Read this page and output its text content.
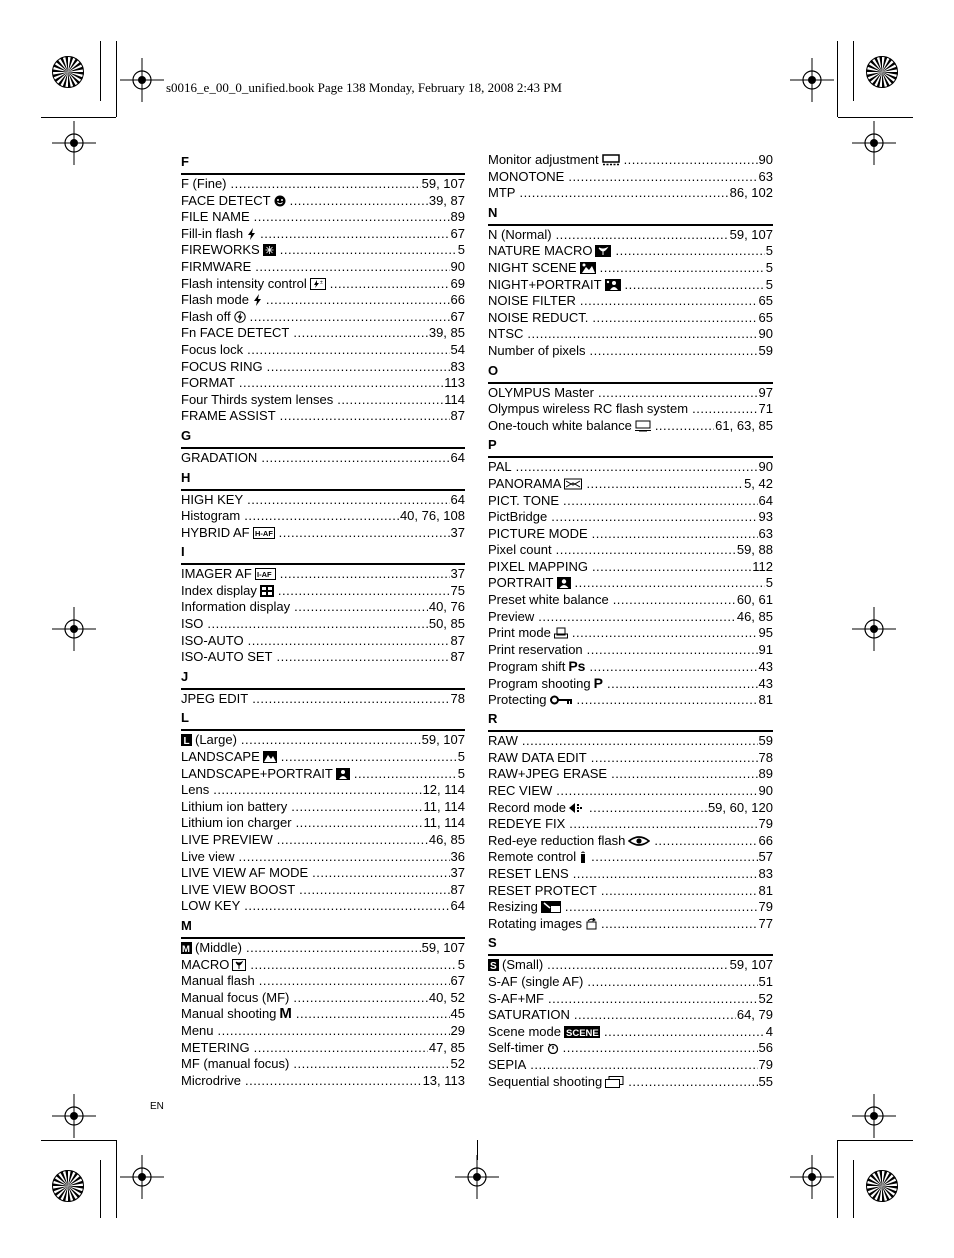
s0016_e_00_0_unified.book Page 138 Monday, February 18, 2008 2:43 PM
F
F (Fine) .....	59, 107
FACE DETECT .....	39, 87
FILE NAME .....	89
Fill-in flash .....	67
FIREWORKS .....	5
FIRMWARE .....	90
Flash intensity control	± .....	69
Flash mode .....	66
Flash off .....	67
Fn FACE DETECT .....	39, 85
Focus lock .....	54
FOCUS RING .....	83
FORMAT .....	113
Four Thirds system lenses .....	114
FRAME ASSIST .....	87
G
GRADATION .....	64
H
HIGH KEY .....	64
Histogram .....	40, 76, 108
HYBRID AF H-AF .....	37
I
IMAGER AF I-AF .....	37
Index display .....	75
Information display .....	40, 76
ISO .....	50, 85
ISO-AUTO .....	87
ISO-AUTO SET .....	87
J
JPEG EDIT .....	78
L
L (Large) .....	59, 107
LANDSCAPE .....	5
LANDSCAPE+PORTRAIT .....	5
Lens .....	12, 114
Lithium ion battery .....	11, 114
Lithium ion charger .....	11, 114
LIVE PREVIEW .....	46, 85
Live view .....	36
LIVE VIEW AF MODE .....	37
LIVE VIEW BOOST .....	87
LOW KEY .....	64
M
M (Middle) .....	59, 107
MACRO .....	5
Manual flash .....	67
Manual focus (MF) .....	40, 52
Manual shooting M .....	45
Menu .....	29
METERING .....	47, 85
MF (manual focus) .....	52
Microdrive .....	13, 113
Monitor adjustment .....	90
MONOTONE .....	63
MTP .....	86, 102
N
N (Normal) .....	59, 107
NATURE MACRO .....	5
NIGHT SCENE .....	5
NIGHT+PORTRAIT .....	5
NOISE FILTER .....	65
NOISE REDUCT. .....	65
NTSC .....	90
Number of pixels .....	59
O
OLYMPUS Master .....	97
Olympus wireless RC flash system .....	71
One-touch white balance .....	61, 63, 85
P
PAL .....	90
PANORAMA .....	5, 42
PICT. TONE .....	64
PictBridge .....	93
PICTURE MODE .....	63
Pixel count .....	59, 88
PIXEL MAPPING .....	112
PORTRAIT .....	5
Preset white balance .....	60, 61
Preview .....	46, 85
Print mode .....	95
Print reservation .....	91
Program shift Ps .....	43
Program shooting P .....	43
Protecting .....	81
R
RAW .....	59
RAW DATA EDIT .....	78
RAW+JPEG ERASE .....	89
REC VIEW .....	90
Record mode .....	59, 60, 120
REDEYE FIX .....	79
Red-eye reduction flash .....	66
Remote control .....	57
RESET LENS .....	83
RESET PROTECT .....	81
Resizing .....	79
Rotating images .....	77
S
S (Small) .....	59, 107
S-AF (single AF) .....	51
S-AF+MF .....	52
SATURATION .....	64, 79
Scene mode SCENE .....	4
Self-timer .....	56
SEPIA .....	79
Sequential shooting .....	55
EN
